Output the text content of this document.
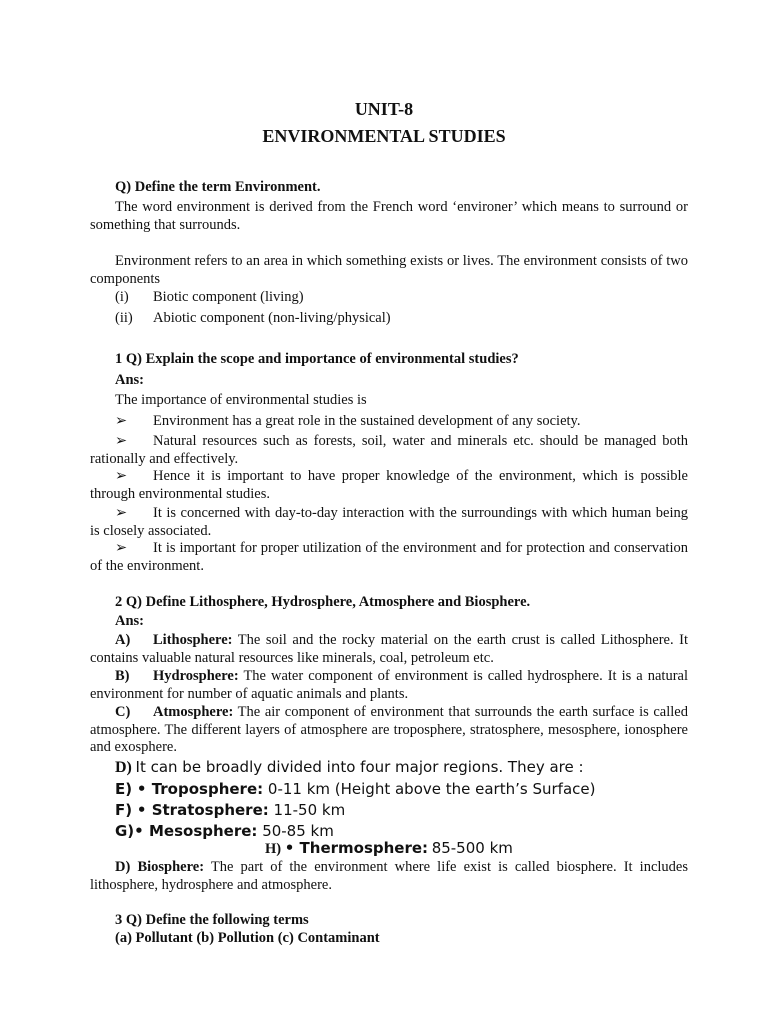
UNIT-8
ENVIRONMENTAL STUDIES
Q) Define the term Environment.
The word environment is derived from the French word ‘environer’ which means to surround or something that surrounds.
Environment refers to an area in which something exists or lives. The environment consists of two components
(i) Biotic component (living)
(ii) Abiotic component (non-living/physical)
1 Q) Explain the scope and importance of environmental studies?
Ans:
The importance of environmental studies is
➢ Environment has a great role in the sustained development of any society.
➢ Natural resources such as forests, soil, water and minerals etc. should be managed both rationally and effectively.
➢ Hence it is important to have proper knowledge of the environment, which is possible through environmental studies.
➢ It is concerned with day-to-day interaction with the surroundings with which human being is closely associated.
➢ It is important for proper utilization of the environment and for protection and conservation of the environment.
2 Q) Define Lithosphere, Hydrosphere, Atmosphere and Biosphere.
Ans:
A) Lithosphere: The soil and the rocky material on the earth crust is called Lithosphere. It contains valuable natural resources like minerals, coal, petroleum etc.
B) Hydrosphere: The water component of environment is called hydrosphere. It is a natural environment for number of aquatic animals and plants.
C) Atmosphere: The air component of environment that surrounds the earth surface is called atmosphere. The different layers of atmosphere are troposphere, stratosphere, mesosphere, ionosphere and exosphere.
D) It can be broadly divided into four major regions. They are :
E) • Troposphere: 0-11 km (Height above the earth’s Surface)
F) • Stratosphere: 11-50 km
G)• Mesosphere: 50-85 km
H) • Thermosphere: 85-500 km
D) Biosphere: The part of the environment where life exist is called biosphere. It includes lithosphere, hydrosphere and atmosphere.
3 Q) Define the following terms
(a) Pollutant (b) Pollution (c) Contaminant
